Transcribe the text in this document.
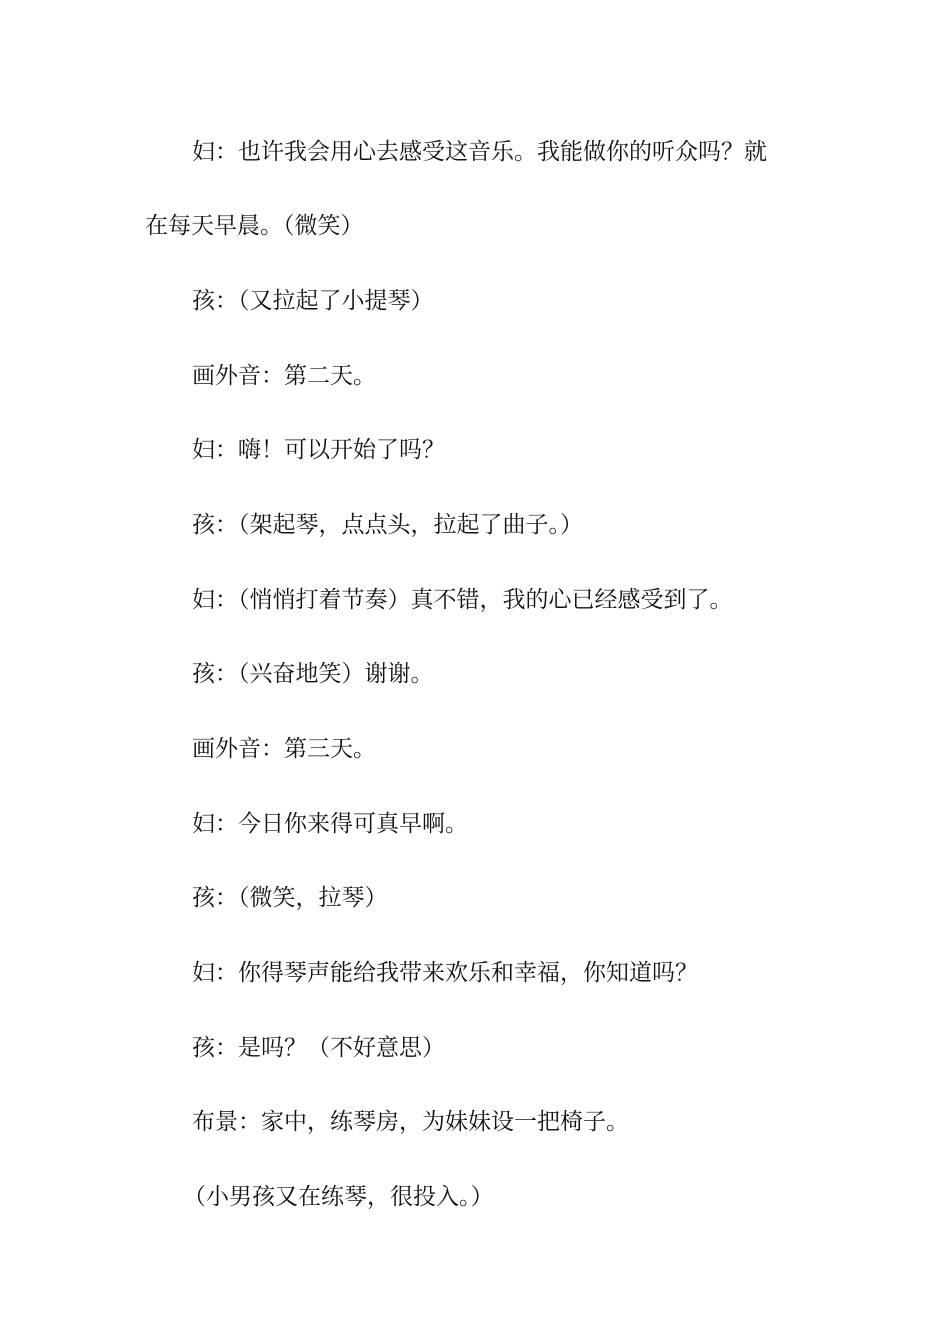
妇：也许我会用心去感受这音乐。我能做你的听众吗？就
在每天早晨。（微笑）
孩：（又拉起了小提琴）
画外音：第二天。
妇：嗨！可以开始了吗？
孩：（架起琴，点点头，拉起了曲子。）
妇：（悄悄打着节奏）真不错，我的心已经感受到了。
孩：（兴奋地笑）谢谢。
画外音：第三天。
妇：今日你来得可真早啊。
孩：（微笑，拉琴）
妇：你得琴声能给我带来欢乐和幸福，你知道吗？
孩：是吗？（不好意思）
布景：家中，练琴房，为妹妹设一把椅子。
（小男孩又在练琴，很投入。）
